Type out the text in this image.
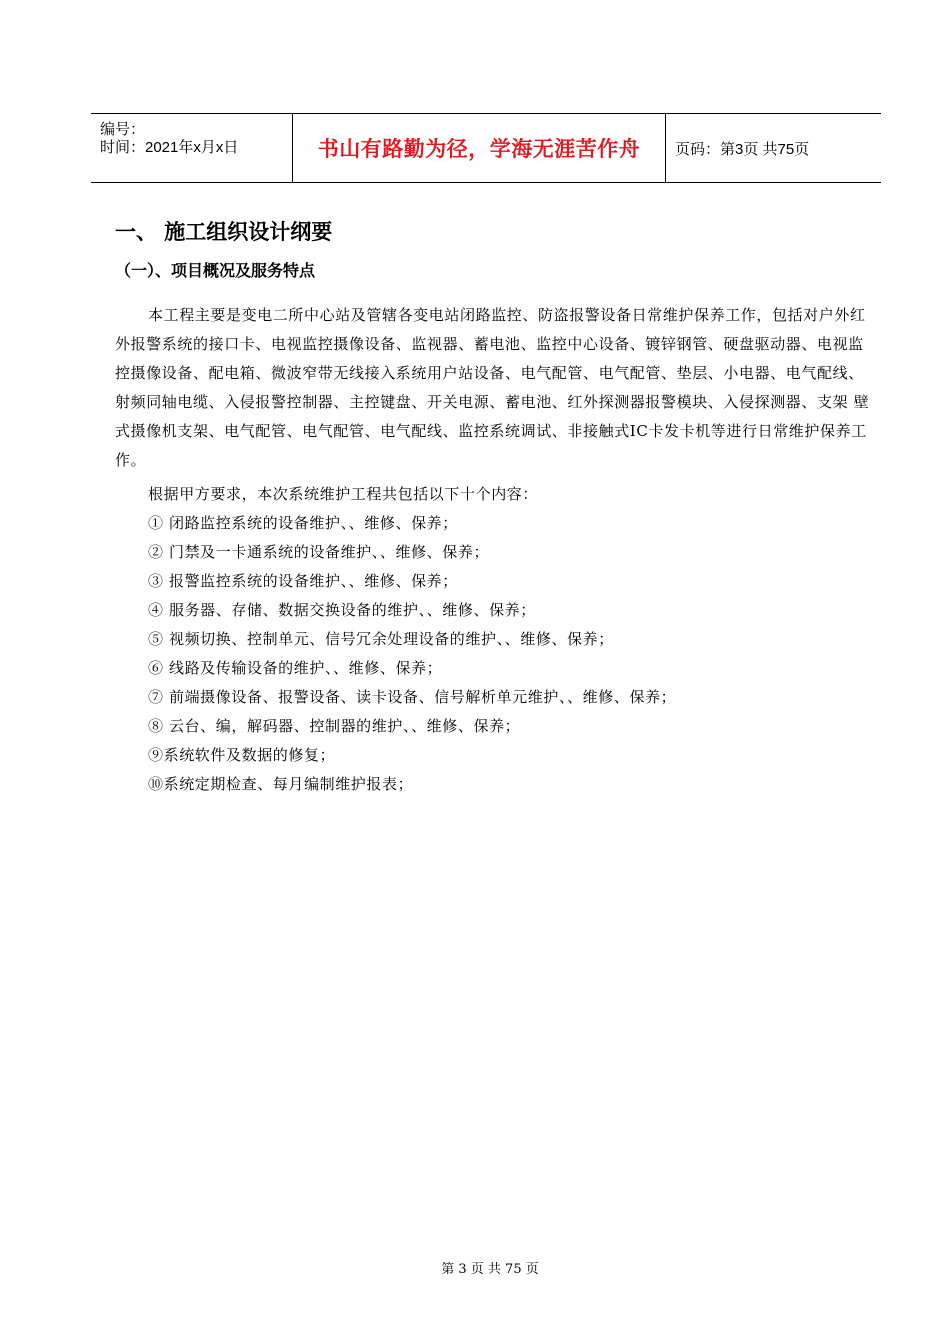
编号：
时间：2021年x月x日	书山有路勤为径，学海无涯苦作舟 页码：第3页 共75页
一、 施工组织设计纲要
（一）、项目概况及服务特点
本工程主要是变电二所中心站及管辖各变电站闭路监控、防盗报警设备日常维护保养工作，包括对户外红外报警系统的接口卡、电视监控摄像设备、监视器、蓄电池、监控中心设备、镀锌钢管、硬盘驱动器、电视监控摄像设备、配电箱、微波窄带无线接入系统用户站设备、电气配管、电气配管、垫层、小电器、电气配线、射频同轴电缆、入侵报警控制器、主控键盘、开关电源、蓄电池、红外探测器报警模块、入侵探测器、支架 壁式摄像机支架、电气配管、电气配管、电气配线、监控系统调试、非接触式IC卡发卡机等进行日常维护保养工作。
根据甲方要求，本次系统维护工程共包括以下十个内容：
① 闭路监控系统的设备维护、、维修、保养；
② 门禁及一卡通系统的设备维护、、维修、保养；
③ 报警监控系统的设备维护、、维修、保养；
④ 服务器、存储、数据交换设备的维护、、维修、保养；
⑤ 视频切换、控制单元、信号冗余处理设备的维护、、维修、保养；
⑥ 线路及传输设备的维护、、维修、保养；
⑦ 前端摄像设备、报警设备、读卡设备、信号解析单元维护、、维修、保养；
⑧ 云台、编，解码器、控制器的维护、、维修、保养；
⑨系统软件及数据的修复；
⑩系统定期检查、每月编制维护报表；
第 3 页 共 75 页
